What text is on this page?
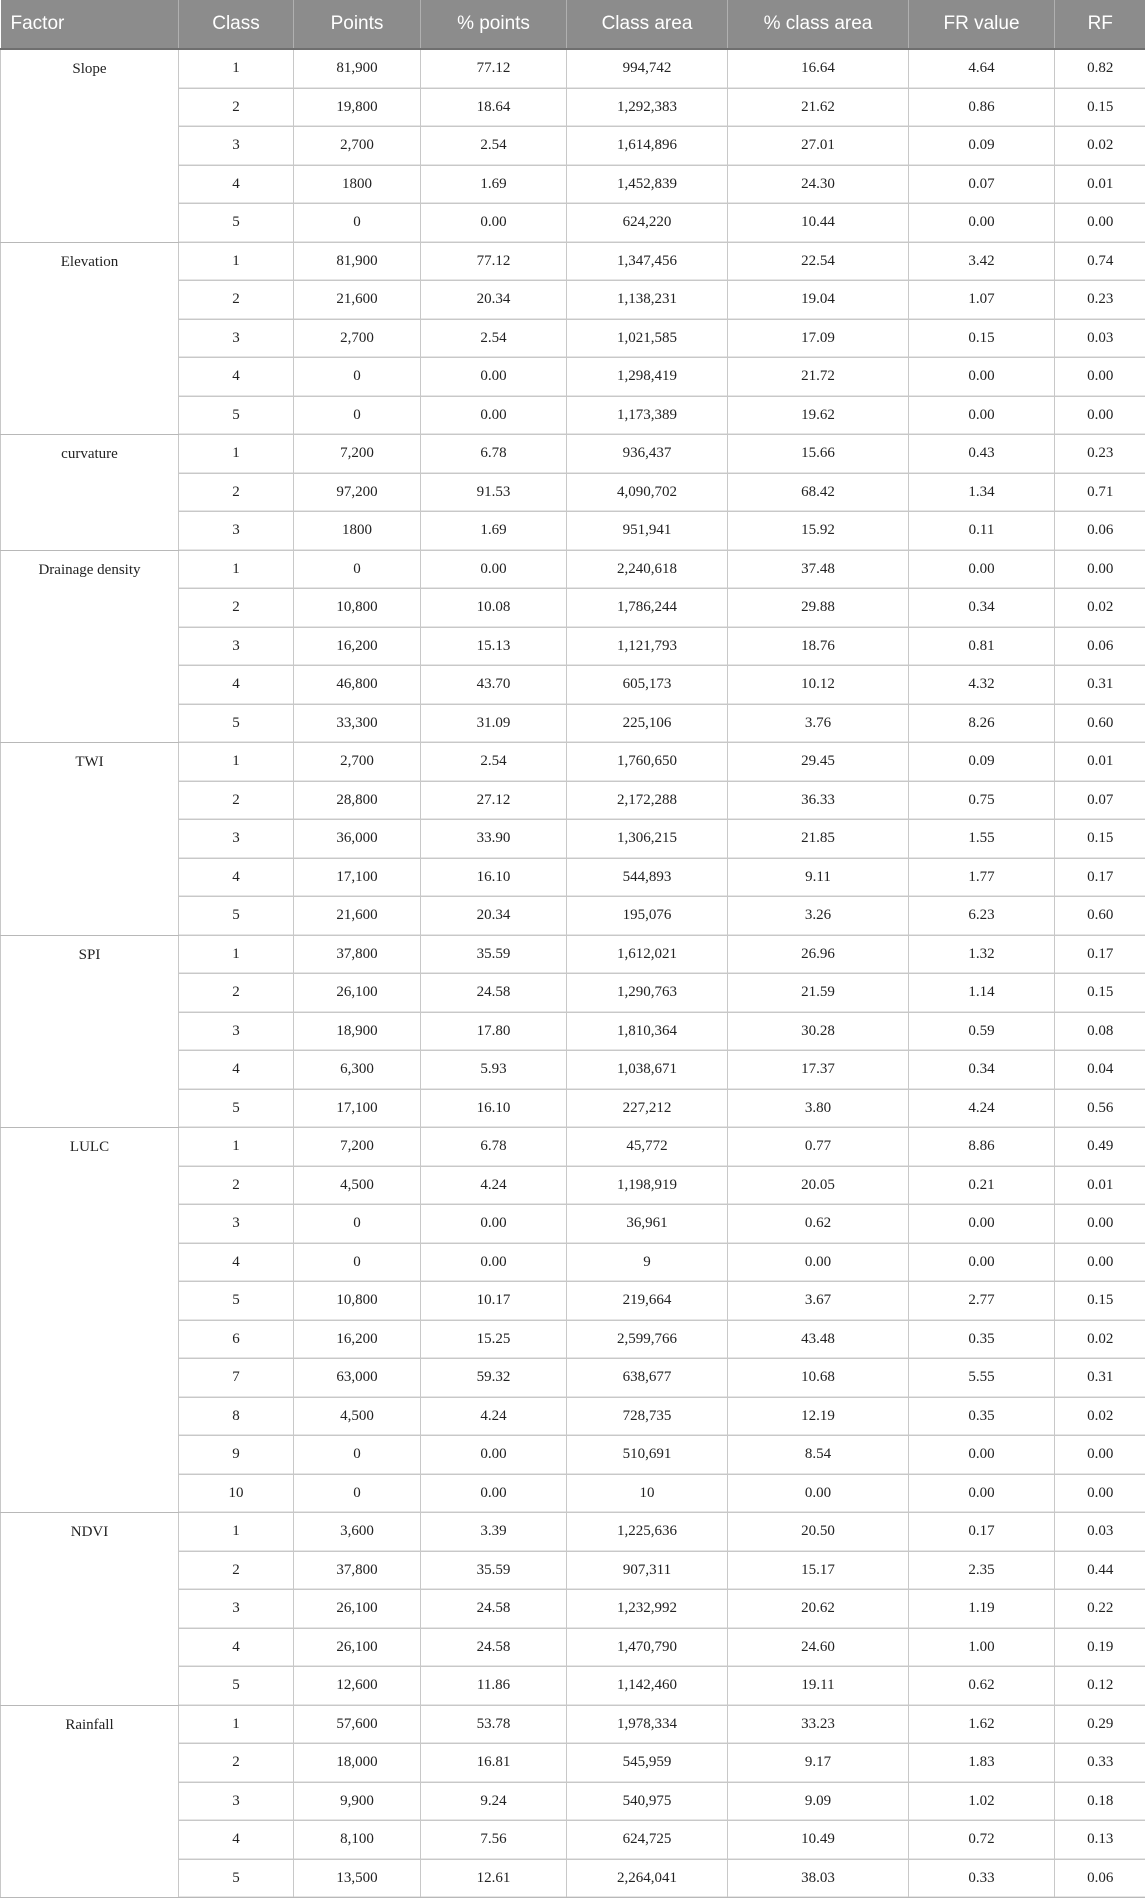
Factor	Class	Points	% points	Class area	% class area	FR value	RF
Slope	1	81,900	77.12	994,742	16.64	4.64	0.82
	2	19,800	18.64	1,292,383	21.62	0.86	0.15
	3	2,700	2.54	1,614,896	27.01	0.09	0.02
	4	1800	1.69	1,452,839	24.30	0.07	0.01
	5	0	0.00	624,220	10.44	0.00	0.00
Elevation	1	81,900	77.12	1,347,456	22.54	3.42	0.74
	2	21,600	20.34	1,138,231	19.04	1.07	0.23
	3	2,700	2.54	1,021,585	17.09	0.15	0.03
	4	0	0.00	1,298,419	21.72	0.00	0.00
	5	0	0.00	1,173,389	19.62	0.00	0.00
curvature	1	7,200	6.78	936,437	15.66	0.43	0.23
	2	97,200	91.53	4,090,702	68.42	1.34	0.71
	3	1800	1.69	951,941	15.92	0.11	0.06
Drainage density	1	0	0.00	2,240,618	37.48	0.00	0.00
	2	10,800	10.08	1,786,244	29.88	0.34	0.02
	3	16,200	15.13	1,121,793	18.76	0.81	0.06
	4	46,800	43.70	605,173	10.12	4.32	0.31
	5	33,300	31.09	225,106	3.76	8.26	0.60
TWI	1	2,700	2.54	1,760,650	29.45	0.09	0.01
	2	28,800	27.12	2,172,288	36.33	0.75	0.07
	3	36,000	33.90	1,306,215	21.85	1.55	0.15
	4	17,100	16.10	544,893	9.11	1.77	0.17
	5	21,600	20.34	195,076	3.26	6.23	0.60
SPI	1	37,800	35.59	1,612,021	26.96	1.32	0.17
	2	26,100	24.58	1,290,763	21.59	1.14	0.15
	3	18,900	17.80	1,810,364	30.28	0.59	0.08
	4	6,300	5.93	1,038,671	17.37	0.34	0.04
	5	17,100	16.10	227,212	3.80	4.24	0.56
LULC	1	7,200	6.78	45,772	0.77	8.86	0.49
	2	4,500	4.24	1,198,919	20.05	0.21	0.01
	3	0	0.00	36,961	0.62	0.00	0.00
	4	0	0.00	9	0.00	0.00	0.00
	5	10,800	10.17	219,664	3.67	2.77	0.15
	6	16,200	15.25	2,599,766	43.48	0.35	0.02
	7	63,000	59.32	638,677	10.68	5.55	0.31
	8	4,500	4.24	728,735	12.19	0.35	0.02
	9	0	0.00	510,691	8.54	0.00	0.00
	10	0	0.00	10	0.00	0.00	0.00
NDVI	1	3,600	3.39	1,225,636	20.50	0.17	0.03
	2	37,800	35.59	907,311	15.17	2.35	0.44
	3	26,100	24.58	1,232,992	20.62	1.19	0.22
	4	26,100	24.58	1,470,790	24.60	1.00	0.19
	5	12,600	11.86	1,142,460	19.11	0.62	0.12
Rainfall	1	57,600	53.78	1,978,334	33.23	1.62	0.29
	2	18,000	16.81	545,959	9.17	1.83	0.33
	3	9,900	9.24	540,975	9.09	1.02	0.18
	4	8,100	7.56	624,725	10.49	0.72	0.13
	5	13,500	12.61	2,264,041	38.03	0.33	0.06
